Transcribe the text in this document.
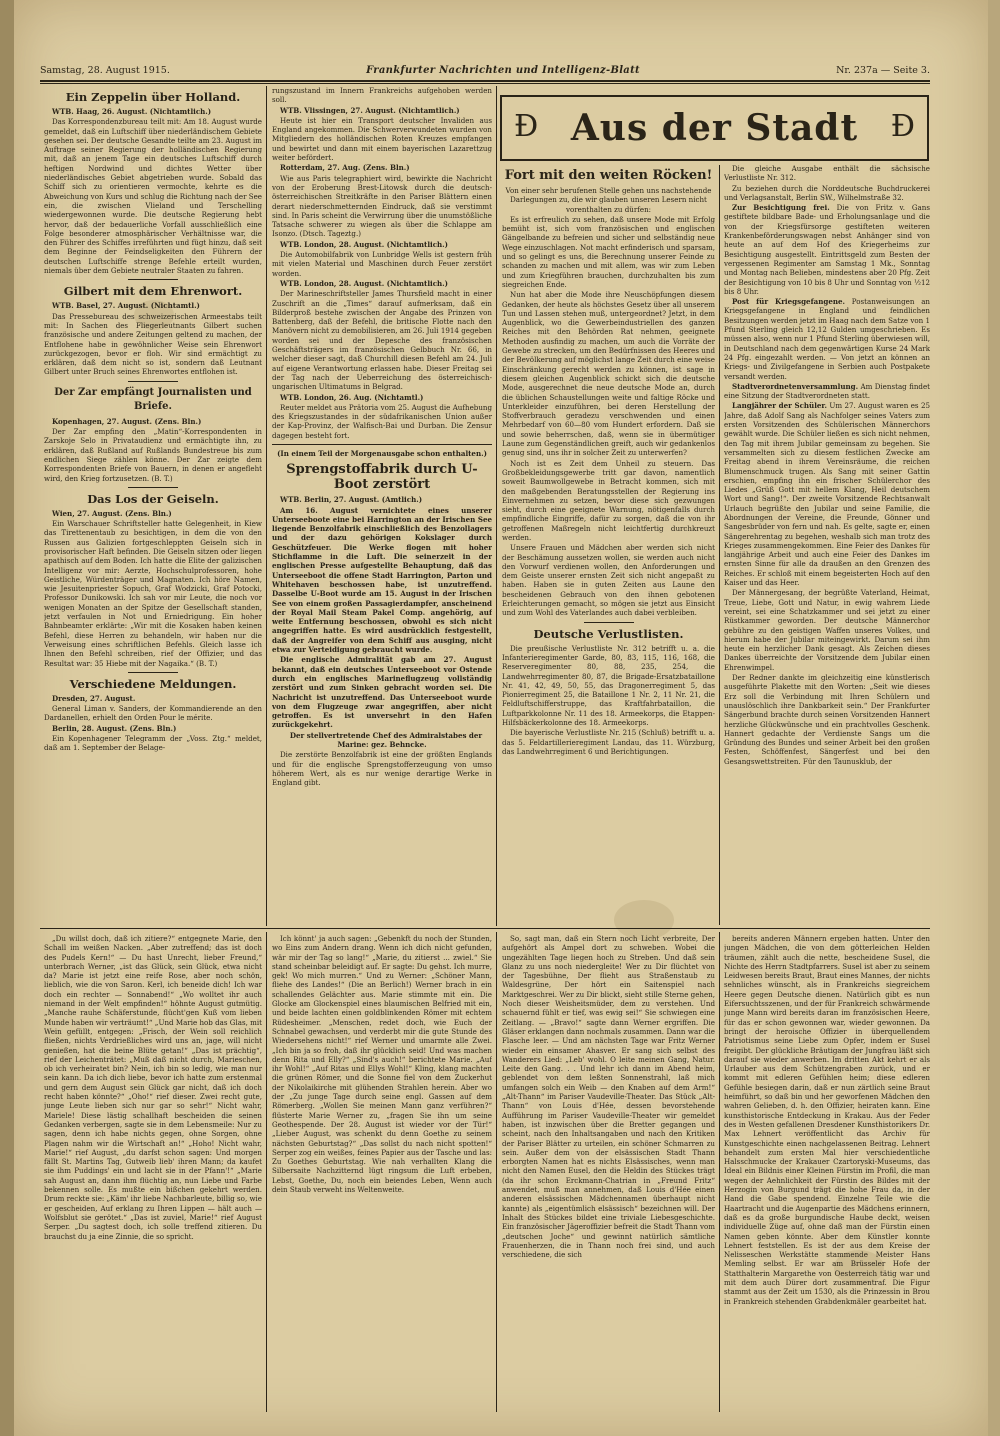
Samstag, 28. August 1915.	Frankfurter Nachrichten und Intelligenz-Blatt	Nr. 237a — Seite 3.
Ein Zeppelin über Holland.

WTB. Haag, 26. August. (Nichtamtlich.)

Das Korrespondenzbureau teilt mit: Am 18. August wurde gemeldet, daß ein Luftschiff über niederländischem Gebiete gesehen sei. Der deutsche Gesandte teilte am 23. August im Auftrage seiner Regierung der holländischen Regierung mit, daß an jenem Tage ein deutsches Luftschiff durch heftigen Nordwind und dichtes Wetter über niederländisches Gebiet abgetrieben wurde. Sobald das Schiff sich zu orientieren vermochte, kehrte es die Abweichung von Kurs und schlug die Richtung nach der See ein, die zwischen Vlieland und Terschelling wiedergewonnen wurde. Die deutsche Regierung hebt hervor, daß der bedauerliche Vorfall ausschließlich eine Folge besonderer atmosphärischer Verhältnisse war, die den Führer des Schiffes irreführten und fügt hinzu, daß seit dem Beginne der Feindseligkeiten den Führern der deutschen Luftschiffe strenge Befehle erteilt wurden, niemals über dem Gebiete neutraler Staaten zu fahren.

Gilbert mit dem Ehrenwort.

WTB. Basel, 27. August. (Nichtamtl.)

Das Pressebureau des schweizerischen Armeestabs teilt mit: In Sachen des Fliegerleutnants Gilbert suchen französische und andere Zeitungen geltend zu machen, der Entflohene habe in gewöhnlicher Weise sein Ehrenwort zurückgezogen, bevor er floh. Wir sind ermächtigt zu erklären, daß dem nicht so ist, sondern daß Leutnant Gilbert unter Bruch seines Ehrenwortes entflohen ist.

Der Zar empfängt Journalisten und Briefe.

Kopenhagen, 27. August. (Zens. Bln.)

Der Zar empfing den „Matin“-Korrespondenten in Zarskoje Selo in Privataudienz und ermächtigte ihn, zu erklären, daß Rußland auf Rußlands Bundestreue bis zum endlichen Siege zählen könne. Der Zar zeigte dem Korrespondenten Briefe von Bauern, in denen er angefleht wird, den Krieg fortzusetzen. (B. T.)

Das Los der Geiseln.

Wien, 27. August. (Zens. Bln.)

Ein Warschauer Schriftsteller hatte Gelegenheit, in Kiew das Tirettenentaub zu besichtigen, in dem die von den Russen aus Galizien fortgeschleppten Geiseln sich in provisorischer Haft befinden. Die Geiseln sitzen oder liegen apathisch auf dem Boden. Ich hatte die Elite der galizischen Intelligenz vor mir: Aerzte, Hochschulprofessoren, hohe Geistliche, Würdenträger und Magnaten. Ich höre Namen, wie Jesuitenpriester Sopuch, Graf Wodzicki, Graf Potocki, Professor Dunikowski. Ich sah vor mir Leute, die noch vor wenigen Monaten an der Spitze der Gesellschaft standen, jetzt verfaulen in Not und Erniedrigung. Ein hoher Bahnbeamter erklärte: „Wir mit die Kosaken haben keinen Befehl, diese Herren zu behandeln, wir haben nur die Verweisung eines schriftlichen Befehls. Gleich lasse ich Ihnen den Befehl schreiben, rief der Offizier, und das Resultat war: 35 Hiebe mit der Nagaika.“ (B. T.)

Verschiedene Meldungen.

Dresden, 27. August.

General Liman v. Sanders, der Kommandierende an den Dardanellen, erhielt den Orden Pour le mérite.

Berlin, 28. August. (Zens. Bln.)

Ein Kopenhagener Telegramm der „Voss. Ztg.“ meldet, daß am 1. September der Belage-

rungszustand im Innern Frankreichs aufgehoben werden soll.

WTB. Vlissingen, 27. August. (Nichtamtlich.)

Heute ist hier ein Transport deutscher Invaliden aus England angekommen. Die Schwerverwundeten wurden von Mitgliedern des holländischen Roten Kreuzes empfangen und bewirtet und dann mit einem bayerischen Lazarettzug weiter befördert.

Rotterdam, 27. Aug. (Zens. Bln.)

Wie aus Paris telegraphiert wird, bewirkte die Nachricht von der Eroberung Brest-Litowsk durch die deutsch-österreichischen Streitkräfte in den Pariser Blättern einen derart niederschmetternden Eindruck, daß sie verstimmt sind. In Paris scheint die Verwirrung über die unumstößliche Tatsache schwerer zu wiegen als über die Schlappe am Isonzo. (Dtsch. Tageztg.)

WTB. London, 28. August. (Nichtamtlich.)

Die Automobilfabrik von Lunbridge Wells ist gestern früh mit vielen Material und Maschinen durch Feuer zerstört worden.

WTB. London, 28. August. (Nichtamtlich.)

Der Marineschriftsteller James Thursfield macht in einer Zuschrift an die „Times“ darauf aufmerksam, daß ein Bilderproß bestehe zwischen der Angabe des Prinzen von Battenberg, daß der Befehl, die britische Flotte nach den Manövern nicht zu demobilisieren, am 26. Juli 1914 gegeben worden sei und der Depesche des französischen Geschäftsträgers im französischen Gelbbuch Nr. 66, in welcher dieser sagt, daß Churchill diesen Befehl am 24. Juli auf eigene Verantwortung erlassen habe. Dieser Freitag sei der Tag nach der Ueberreichung des österreichisch-ungarischen Ultimatums in Belgrad.

WTB. London, 26. Aug. (Nichtamtl.)

Reuter meldet aus Prätoria vom 25. August die Aufhebung des Kriegszustandes in der südafrikanischen Union außer der Kap-Provinz, der Walfisch-Bai und Durban. Die Zensur dagegen besteht fort.

(In einem Teil der Morgenausgabe schon enthalten.)

Sprengstoffabrik durch U-Boot zerstört

WTB. Berlin, 27. August. (Amtlich.)

Am 16. August vernichtete eines unserer Unterseeboote eine bei Harrington an der Irischen See liegende Benzolfabrik einschließlich des Benzollagers und der dazu gehörigen Kokslager durch Geschützfeuer. Die Werke flogen mit hoher Stichflamme in die Luft. Die seinerzeit in der englischen Presse aufgestellte Behauptung, daß das Unterseeboot die offene Stadt Harrington, Parton und Whitehaven beschossen habe, ist unzutreffend. Dasselbe U-Boot wurde am 15. August in der Irischen See von einem großen Passagierdampfer, anscheinend der Royal Mail Steam Pakel Comp. angehörig, auf weite Entfernung beschossen, obwohl es sich nicht angegriffen hatte. Es wird ausdrücklich festgestellt, daß der Angreifer von dem Schiff aus ausging, nicht etwa zur Verteidigung gebraucht wurde.

Die englische Admiralität gab am 27. August bekannt, daß ein deutsches Unterseeboot vor Ostende durch ein englisches Marineflugzeug vollständig zerstört und zum Sinken gebracht worden sei. Die Nachricht ist unzutreffend. Das Unterseeboot wurde von dem Flugzeuge zwar angegriffen, aber nicht getroffen. Es ist unversehrt in den Hafen zurückgekehrt.

Der stellvertretende Chef des Admiralstabes der Marine: gez. Behncke.

Die zerstörte Benzolfabrik ist eine der größten Englands und für die englische Sprengstofferzeugung von umso höherem Wert, als es nur wenige derartige Werke in England gibt.

Ɖ Aus der Stadt Ɖ
Fort mit den weiten Röcken!

Von einer sehr berufenen Stelle gehen uns nachstehende Darlegungen zu, die wir glauben unseren Lesern nicht vorenthalten zu dürfen:

Es ist erfreulich zu sehen, daß unsere Mode mit Erfolg bemüht ist, sich vom französischen und englischen Gängelbande zu befreien und sicher und selbständig neue Wege einzuschlagen. Not macht erfinderisch und sparsam, und so gelingt es uns, die Berechnung unserer Feinde zu schanden zu machen und mit allem, was wir zum Leben und zum Kriegführen brauchen, durchzuhalten bis zum siegreichen Ende.

Nun hat aber die Mode ihre Neuschöpfungen diesem Gedanken, der heute als höchstes Gesetz über all unserem Tun und Lassen stehen muß, untergeordnet? Jetzt, in dem Augenblick, wo die Gewerbeindustriellen des ganzen Reiches mit den Behörden Rat nehmen, geeignete Methoden ausfindig zu machen, um auch die Vorräte der Gewebe zu strecken, um den Bedürfnissen des Heeres und der Bevölkerung auf möglichst lange Zeit durch eine weise Einschränkung gerecht werden zu können, ist sage in diesem gleichen Augenblick schickt sich die deutsche Mode, ausgerechnet die neue deutsche Mode an, durch die üblichen Schaustellungen weite und faltige Röcke und Unterkleider einzuführen, bei deren Herstellung der Stoffverbrauch geradezu verschwenden und einen Mehrbedarf von 60—80 vom Hundert erfordern. Daß sie und sowie beherrschen, daß, wenn sie in übermütiger Laune zum Gegenständlichen greift, auch wir gedankenlos genug sind, uns ihr in solcher Zeit zu unterwerfen?

Noch ist es Zeit dem Unheil zu steuern. Das Großbekleidungsgewerbe tritt gar davon, namentlich soweit Baumwollgewebe in Betracht kommen, sich mit den maßgebenden Beratungsstellen der Regierung ins Einvernehmen zu setzen, bevor diese sich gezwungen sieht, durch eine geeignete Warnung, nötigenfalls durch empfindliche Eingriffe, dafür zu sorgen, daß die von ihr getroffenen Maßregeln nicht leichtfertig durchkreuzt werden.

Unsere Frauen und Mädchen aber werden sich nicht der Beschämung aussetzen wollen, sie werden auch nicht den Vorwurf verdienen wollen, den Anforderungen und dem Geiste unserer ernsten Zeit sich nicht angepaßt zu haben. Haben sie in guten Zeiten aus Laune den bescheidenen Gebrauch von den ihnen gebotenen Erleichterungen gemacht, so mögen sie jetzt aus Einsicht und zum Wohl des Vaterlandes auch dabei verbleiben.

Deutsche Verlustlisten.

Die preußische Verlustliste Nr. 312 betrifft u. a. die Infanterieregimenter Garde, 80, 83, 115, 116, 168, die Reserveregimenter 80, 88, 235, 254, die Landwehrregimenter 80, 87, die Brigade-Ersatzbataillone Nr. 41, 42, 49, 50, 55, das Dragonerregiment 5, das Pionierregiment 25, die Bataillone 1 Nr. 2, 11 Nr. 21, die Feldluftschifferstruppe, das Kraftfahrbataillon, die Luftparkkolonne Nr. 11 des 18. Armeekorps, die Etappen-Hilfsbäckerkolonne des 18. Armeekorps.

Die bayerische Verlustliste Nr. 215 (Schluß) betrifft u. a. das 5. Feldartillerieregiment Landau, das 11. Würzburg, das Landwehrregiment 6 und Berichtigungen.

Die gleiche Ausgabe enthält die sächsische Verlustliste Nr. 312.

Zu beziehen durch die Norddeutsche Buchdruckerei und Verlagsanstalt, Berlin SW., Wilhelmstraße 32.

Zur Besichtigung frei. Die von Fritz v. Gans gestiftete bildbare Bade- und Erholungsanlage und die von der Kriegsfürsorge gestifteten weiteren Krankenbeförderungswagen nebst Anhänger sind von heute an auf dem Hof des Kriegerheims zur Besichtigung ausgestellt. Eintrittsgeld zum Besten der vergessenen Regimenter am Samstag 1 Mk., Sonntag und Montag nach Belieben, mindestens aber 20 Pfg. Zeit der Besichtigung von 10 bis 8 Uhr und Sonntag von ½12 bis 8 Uhr.

Post für Kriegsgefangene. Postanweisungen an Kriegsgefangene in England und feindlichen Besitzungen werden jetzt im Haag nach dem Satze von 1 Pfund Sterling gleich 12,12 Gulden umgeschrieben. Es müssen also, wenn nur 1 Pfund Sterling überwiesen will, in Deutschland nach dem gegenwärtigen Kurse 24 Mark 24 Pfg. eingezahlt werden. — Von jetzt an können an Kriegs- und Zivilgefangene in Serbien auch Postpakete versandt werden.

Stadtverordnetenversammlung. Am Dienstag findet eine Sitzung der Stadtverordneten statt.

Langjährer der Schüler. Um 27. August waren es 25 Jahre, daß Adolf Sang als Nachfolger seines Vaters zum ersten Vorsitzenden des Schülerischen Männerchors gewählt wurde. Die Schüler ließen es sich nicht nehmen, den Tag mit ihrem Jubilar gemeinsam zu begehen. Sie versammelten sich zu diesem festlichen Zwecke am Freitag abend in ihrem Vereinsräume, die reichen Blumenschmuck trugen. Als Sang mit seiner Gattin erschien, empfing ihn ein frischer Schülerchor des Liedes „Grüß Gott mit hellem Klang, Heil deutschem Wort und Sang!“. Der zweite Vorsitzende Rechtsanwalt Urlauch begrüßte den Jubilar und seine Familie, die Abordnungen der Vereine, die Freunde, Gönner und Sangesbrüder von fern und nah. Es gelte, sagte er, einen Sängerehrentag zu begehen, weshalb sich man trotz des Krieges zusammengekommen. Eine Feier des Dankes für langjährige Arbeit und auch eine Feier des Dankes im ernsten Sinne für alle da draußen an den Grenzen des Reiches. Er schloß mit einem begeisterten Hoch auf den Kaiser und das Heer.

Der Männergesang, der begrüßte Vaterland, Heimat, Treue, Liebe, Gott und Natur, in ewig wahrem Liede vereint, sei eine Schatzkammer und sei jetzt zu einer Rüstkammer geworden. Der deutsche Männerchor gebühre zu den geistigen Waffen unseres Volkes, und hierum habe der Jubilar miteingewirkt. Darum sei ihm heute ein herzlicher Dank gesagt. Als Zeichen dieses Dankes überreichte der Vorsitzende dem Jubilar einen Ehrenwimpel.

Der Redner dankte im gleichzeitig eine künstlerisch ausgeführte Plakette mit den Worten: „Seit wie dieses Erz soll die Verbindung mit Ihren Schülern und unauslöschlich ihre Dankbarkeit sein.“ Der Frankfurter Sängerbund brachte durch seinen Vorsitzenden Hannert herzliche Glückwünsche und ein prachtvolles Geschenk. Hannert gedachte der Verdienste Sangs um die Gründung des Bundes und seiner Arbeit bei den großen Festen, Schöffenfest, Sängerfest und bei den Gesangswettstreiten. Für den Taunusklub, der

„Du willst doch, daß ich zitiere?“ entgegnete Marie, den Schall im weißen Nacken. „Aber zutreffend; das ist doch des Pudels Kern!“ — Du hast Unrecht, lieber Freund,“ unterbrach Werner, „ist das Glück, sein Glück, etwa nicht da? Marie ist jetzt eine reife Rose, aber noch schön, lieblich, wie die von Saron. Kerl, ich beneide dich! Ich war doch ein rechter — Sonnabend!“ „Wo wolltet ihr auch niemand in der Welt empfinden!“ höhnte August gutmütig. „Manche rauhe Schäferstunde, flücht'gen Kuß vom lieben Munde haben wir verträumt!“ „Und Marie hob das Glas, mit Wein gefüllt, entgegen: „Frisch, der Wein soll reichlich fließen, nichts Verdrießliches wird uns an, jage, will nicht genießen, hat die beine Blüte getan!“ „Das ist prächtig“, rief der Leichenträtet: „Muß daß nicht durch, Marieschen, ob ich verheiratet bin? Nein, ich bin so ledig, wie man nur sein kann. Da ich dich liebe, bevor ich hatte zum erstenmal und gern dem August sein Glück gar nicht, daß ich doch recht haben könnte?“ „Oho!“ rief dieser. Zwei recht gute, junge Leute lieben sich nur gar so sehr!“ Nicht wahr, Mariele! Diese lästig schallhaft bescheiden die seinen Gedanken verbergen, sagte sie in dem Lebensmeile: Nur zu sagen, denn ich habe nichts gegen, ohne Sorgen, ohne Plagen nahm wir die Wirtschaft an!“ „Hoho! Nicht wahr, Marie!“ rief August, „du darfst schon sagen: Und morgen fällt St. Martins Tag, Gutweib lieb' ihren Mann; da kaufet sie ihm Puddings' ein und lacht sie in der Pfann'!“ „Marie sah August an, dann ihm flüchtig an, nun Liebe und Farbe bekennen solle. Es mußte ein bißchen gekehrt werden. Drum reckte sie: „Käm' ihr liebe Nachbarleute, billig so, wie er gescheiden, Auf erklang zu Ihren Lippen — hält auch — Wolfsblut sie gerötet.“ „Das ist zuviel, Marie!“ rief August Serper. „Du sagtest doch, ich solle treffend zitieren. Du brauchst du ja eine Zinnie, die so spricht.

Ich könnt' ja auch sagen: „Gebenkft du noch der Stunden, wo Eins zum Andern drang. Wenn ich dich nicht gefunden, wär mir der Tag so lang!“ „Marie, du zitierst ... zwiel.“ Sie stand scheinbar beleidigt auf. Er sagte: Du gehst. Ich murre, gek! Wo mich murren.“ Und zu Werner: „Schöner Mann, fliehe des Landes!“ (Die an Berlich!) Werner brach in ein schallendes Gelächter aus. Marie stimmte mit ein. Die Glocke am Glockenspiel eines blaumischen Belfried mit ein, und beide lachten einen goldblinkenden Römer mit echtem Rüdesheimer. „Menschen, redet doch, wie Euch der Schnabel gewachsen, und verderbt mir die gute Stunde des Wiedersehens nicht!“ rief Werner und umarmte alle Zwei. „Ich bin ja so froh, daß ihr glücklich seid! Und was machen denn Rita und Elly?“ „Sind's auch!“ berichtete Marie. „Auf ihr Wohl!“ „Auf Ritas und Ellys Wohl!“ Kling, klang machten die grünen Römer, und die Sonne fiel von dem Zuckerhut der Nikolaikirche mit glühenden Strahlen herein. Aber wo der „Zu junge Tage durch seine engl. Gassen auf dem Römerberg. „Wollen Sie meinen Mann ganz verführen?“ flüsterte Marie Werner zu, „fragen Sie ihn um seine Geothespende. Der 28. August ist wieder vor der Tür!“ „Lieber August, was schenkt du denn Goethe zu seinem nächsten Geburtstag?“ „Das sollst du nach nicht spotten!“ Serper zog ein weißes, feines Papier aus der Tasche und las: Zu Goethes Geburtstag. Wie nah verhallten Klang die Silbersaite Nachzitternd lügt ringsum die Luft erbeben, Lebst, Goethe, Du, noch ein beiendes Leben, Wenn auch dein Staub verweht ins Weltenweite.

So, sagt man, daß ein Stern noch Licht verbreite, Der aufgehört als Ampel dort zu schweben. Wobei die ungezählten Tage liegen hoch zu Streben. Und daß sein Glanz zu uns noch niedergleite! Wer zu Dir flüchtet von der Tagesbühne, Der flieht aus Straßenstaub zu Waldesgrüne, Der hört ein Saitenspiel nach Marktgeschrei. Wer zu Dir blickt, sieht stille Sterne gehen, Noch dieser Weisheitsmüder, dem zu verstehen. Und schauernd fühlt er tief, was ewig sei!“ Sie schwiegen eine Zeitlang. — „Bravo!“ sagte dann Werner ergriffen. Die Gläser erklangen dann nochmals zusammen. Dann war die Flasche leer. — Und am nächsten Tage war Fritz Werner wieder ein einsamer Ahasver. Er sang sich selbst des Wanderers Lied: „Leb' wohl. O leite meinen Gang, Natur. Leite den Gang. . . Und lehr ich dann im Abend heim, geblendet von dem leßten Sonnenstrahl, laß mich umfangen solch ein Weib — den Knaben auf dem Arm!“ „Alt-Thann“ im Pariser Vaudeville-Theater. Das Stück „Alt-Thann“ von Louis d'Hée, dessen bevorstehende Aufführung im Pariser Vaudeville-Theater wir gemeldet haben, ist inzwischen über die Bretter gegangen und scheint, nach den Inhaltsangaben und nach den Kritiken der Pariser Blätter zu urteilen, ein schöner Schmarren zu sein. Außer dem von der elsässischen Stadt Thann erborgten Namen hat es nichts Elsässisches, wenn man nicht den Namen Eusel, den die Heldin des Stückes trägt (da ihr schon Erckmann-Chatrian in „Freund Fritz“ anwendet, muß man annehmen, daß Louis d'Hée einen anderen elsässischen Mädchennamen überhaupt nicht kannte) als „eigentümlich elsässisch“ bezeichnen will. Der Inhalt des Stückes bildet eine triviale Liebesgeschichte. Ein französischer Jägeroffizier befreit die Stadt Thann vom „deutschen Joche“ und gewinnt natürlich sämtliche Frauenherzen, die in Thann noch frei sind, und auch verschiedene, die sich

bereits anderen Männern ergeben hatten. Unter den jungen Mädchen, die von dem götterleichen Helden träumen, zählt auch die nette, bescheidene Susel, die Nichte des Herrn Stadtpfarrers. Susel ist aber zu seinem Leidwesen bereits Braut, Braut eines Mannes, der nichts sehnliches wünscht, als in Frankreichs siegreichem Heere gegen Deutsche dienen. Natürlich gibt es nun Eifersuchtsszenen, und der für Frankreich schwärmende junge Mann wird bereits daran im französischen Heere, für das er schon gewonnen war, wieder gewonnen. Da bringt der heroische Offizier in überquellendem Patriotismus seine Liebe zum Opfer, indem er Susel freigibt. Der glückliche Bräutigam der Jungfrau läßt sich darauf sie wieder anwerben. Im dritten Akt kehrt er als Urlauber aus dem Schützengraben zurück, und er kommt mit edleren Gefühlen heim; diese edleren Gefühle besiegen darin, daß er nun zärtlich seine Braut heimführt, so daß bin und her geworfenen Mädchen den wahren Gelieben, d. h. den Offizier, heiraten kann. Eine kunsthistorische Entdeckung in Krakau. Aus der Feder des in Westen gefallenen Dresdener Kunsthistorikers Dr. Max Lehnert veröffentlicht das Archiv für Kunstgeschichte einen nachgelassenen Beitrag. Lehnert behandelt zum ersten Mal hier verschiedentliche Halsschmucke der Krakauer Czartoryski-Museums, das Ideal ein Bildnis einer Kleinen Fürstin im Profil, die man wegen der Aehnlichkeit der Fürstin des Bildes mit der Herzogin von Burgund trägt die hohe Frau da, in der Hand die Gabe spendend. Einzelne Teile wie die Haartracht und die Augenpartie des Mädchens erinnern, daß es da große burgundische Haube deckt, weisen individuelle Züge auf, ohne daß man der Fürstin einen Namen geben könnte. Aber dem Künstler konnte Lehnert feststellen. Es ist der aus dem Kreise der Nelisseschen Werkstätte stammende Meister Hans Memling selbst. Er war am Brüsseler Hofe der Statthalterin Margarethe von Oesterreich tätig war und mit dem auch Dürer dort zusammentraf. Die Figur stammt aus der Zeit um 1530, als die Prinzessin in Brou in Frankreich stehenden Grabdenkmäler gearbeitet hat.
